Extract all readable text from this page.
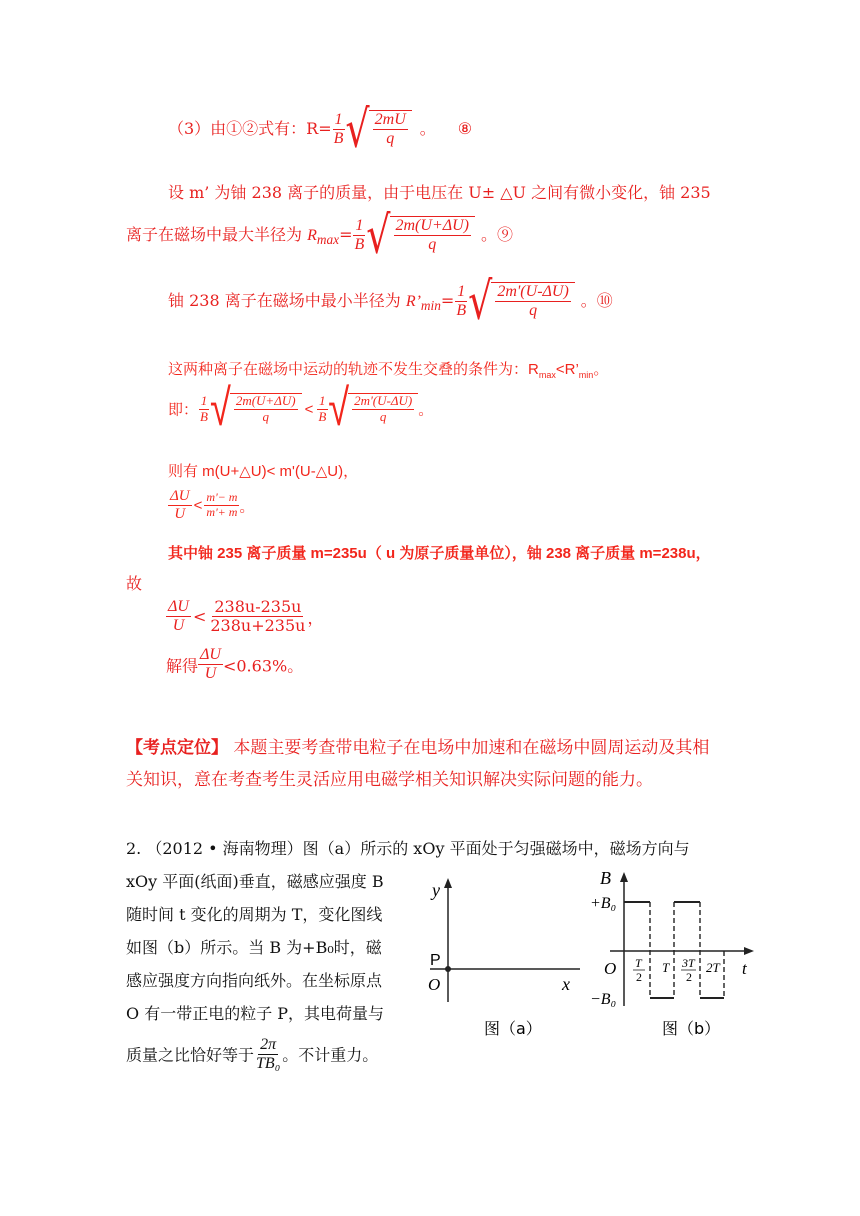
（3）由①②式有：$R= \frac{1}{B}$ √ $\frac{2mU}{q}$ 。 ⑧
设 m’ 为铀 238 离子的质量，由于电压在 U± △U 之间有微小变化，铀 235
离子在磁场中最大半径为 $R_{max}= \frac{1}{B}$ √ $\frac{2m(U+\Delta U)}{q}$ 。⑨
铀 238 离子在磁场中最小半径为 $R’_{min}= \frac{1}{B}$ √ $\frac{2m'(U-\Delta U)}{q}$ 。⑩
这两种离子在磁场中运动的轨迹不发生交叠的条件为：$R_{max}<R’_{min}$。
即： $\frac{1}{B}$ √ $\frac{2m(U+\Delta U)}{q} < \frac{1}{B}$ √ $\frac{2m'(U-\Delta U)}{q}$ 。
则有 m(U+△U)< m'(U-△U)，
$\frac{\Delta U}{U} < \frac{m'- m}{m'+ m}$ 。
其中铀 235 离子质量 m=235u（ u 为原子质量单位），铀 238 离子质量 m=238u，
故
$\frac{\Delta U}{U} < \frac{238u-235u}{238u+235u}$ ，
解得 $\frac{\Delta U}{U} <0.63\%$。
【考点定位】 本题主要考查带电粒子在电场中加速和在磁场中圆周运动及其相
关知识，意在考查考生灵活应用电磁学相关知识解决实际问题的能力。
2. （2012 • 海南物理）图（a）所示的 xOy 平面处于匀强磁场中，磁场方向与
xOy 平面(纸面)垂直，磁感应强度 B
随时间 t 变化的周期为 T，变化图线
如图（b）所示。当 B 为+B₀时，磁
感应强度方向指向纸外。在坐标原点
O 有一带正电的粒子 P，其电荷量与
质量之比恰好等于 $\frac{2\pi}{\text{TB₀}}$ 。不计重力。
y
x
P
O
图（a）
B
+B₀
−B₀
O	t
T
2
T 3T
2
2T
图（b）
